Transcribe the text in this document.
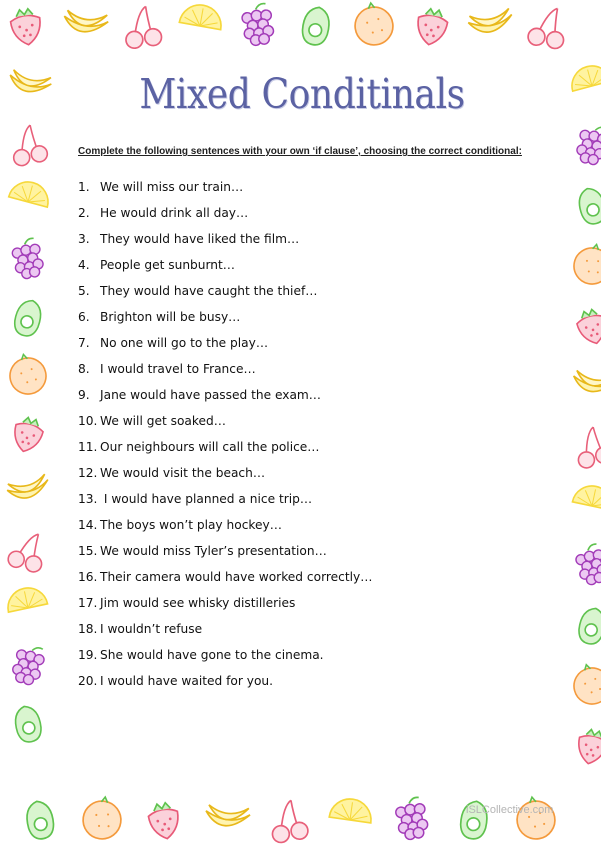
Mixed Conditinals
Complete the following sentences with your own ‘if clause’, choosing the correct conditional:
1. We will miss our train…
2. He would drink all day…
3. They would have liked the film…
4. People get sunburnt…
5. They would have caught the thief…
6. Brighton will be busy…
7. No one will go to the play…
8. I would travel to France…
9. Jane would have passed the exam…
10. We will get soaked…
11. Our neighbours will call the police…
12. We would visit the beach…
13. I would have planned a nice trip…
14. The boys won’t play hockey…
15. We would miss Tyler’s presentation…
16. Their camera would have worked correctly…
17. Jim would see whisky distilleries
18. I wouldn’t refuse
19. She would have gone to the cinema.
20. I would have waited for you.
iSLCollective.com
